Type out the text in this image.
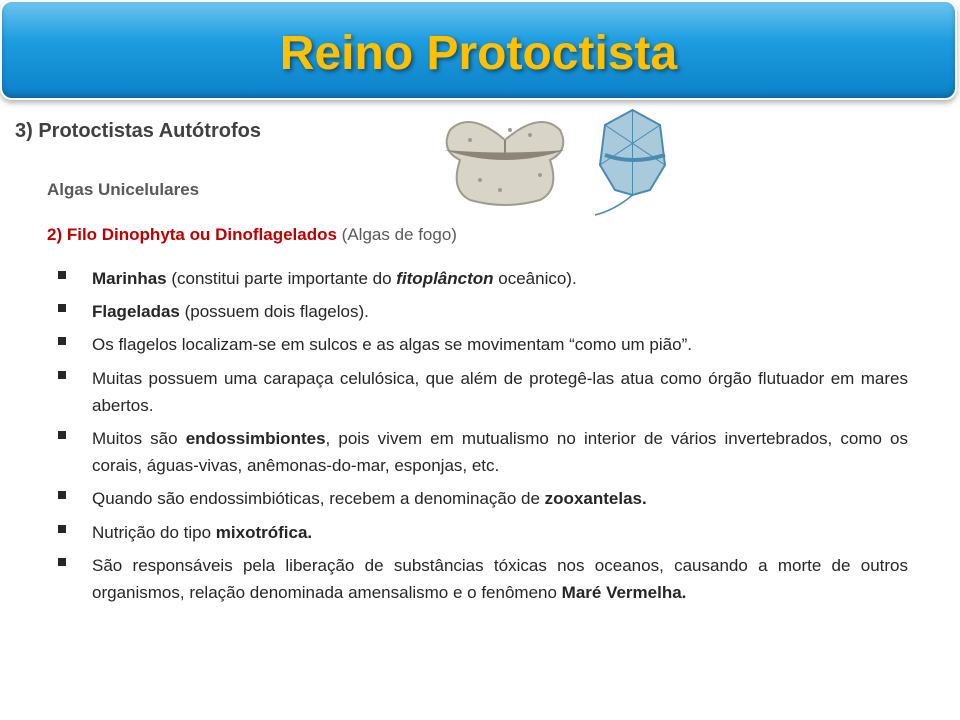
Reino Protoctista
3) Protoctistas Autótrofos
Algas Unicelulares
2) Filo Dinophyta ou Dinoflagelados (Algas de fogo)
Marinhas (constitui parte importante do fitoplâncton oceânico).
Flageladas (possuem dois flagelos).
Os flagelos localizam-se em sulcos e as algas se movimentam “como um pião”.
Muitas possuem uma carapaça celulósica, que além de protegê-las atua como órgão flutuador em mares abertos.
Muitos são endossimbiontes, pois vivem em mutualismo no interior de vários invertebrados, como os corais, águas-vivas, anêmonas-do-mar, esponjas, etc.
Quando são endossimbióticas, recebem a denominação de zooxantelas.
Nutrição do tipo mixotrófica.
São responsáveis pela liberação de substâncias tóxicas nos oceanos, causando a morte de outros organismos, relação denominada amensalismo e o fenômeno Maré Vermelha.
